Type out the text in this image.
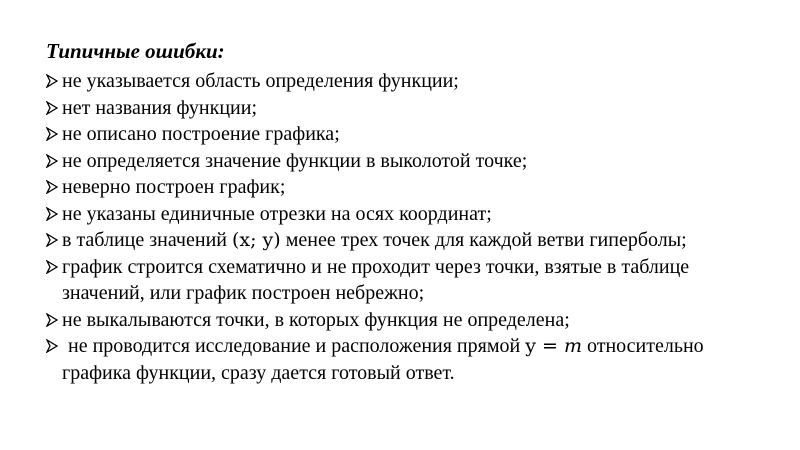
Типичные ошибки:
не указывается область определения функции;
нет названия функции;
не описано построение графика;
не определяется значение функции в выколотой точке;
неверно построен график;
не указаны единичные отрезки на осях координат;
в таблице значений (x; y) менее трех точек для каждой ветви гиперболы;
график строится схематично и не проходит через точки, взятые в таблице значений, или график построен небрежно;
не выкалываются точки, в которых функция не определена;
не проводится исследование и расположения прямой y = m относительно графика функции, сразу дается готовый ответ.
